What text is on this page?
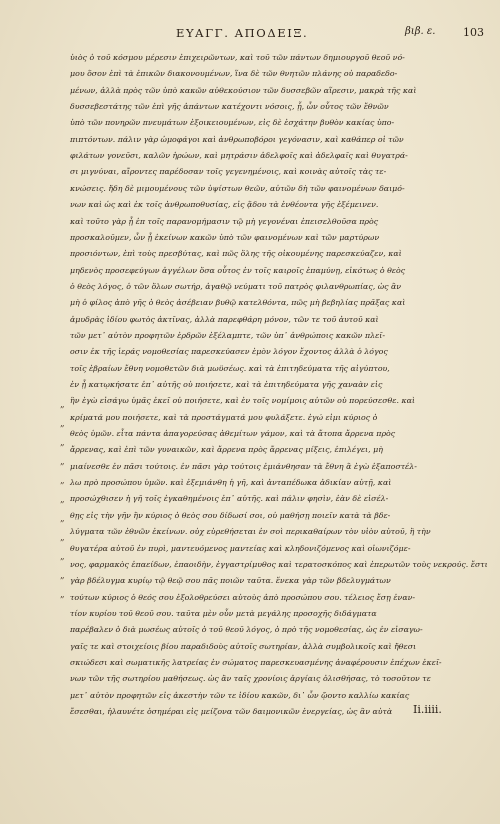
ΕΥΑΓΓ. ΑΠΟΔΕΙΞ.	βιβ. ε.	103
ὑιὸς ὁ τοῦ κόσμου μέρεσιν ἐπιχειρῶντων, καὶ τοῦ τῶν πάντων δημιουργοῦ θεοῦ νό-
μου ὅσον ἐπὶ τὰ ἐπικῶν διακονουμένων, ἵνα δὲ τῶν θνητῶν πλάνης οὐ παραδεδο-
μένων, ἀλλὰ πρὸς τῶν ὑπὸ κακῶν αὐθεκούσιον τῶν δυσσεβῶν αἵρεσιν, μακρὰ τῆς καὶ
δυσσεβεστάτης τῶν ἐπὶ γῆς ἀπάντων κατέχοντι νόσοις, ᾗ, ὧν οὗτος τῶν ἔθνῶν
ὑπὸ τῶν πονηρῶν πνευμάτων ἐξοικειουμένων, εἰς δὲ ἐσχάτην βυθὸν κακίας ὑπο-
πιπτόντων. πάλιν γὰρ ὠμοφάγοι καὶ ἀνθρωποβόροι γεγόνασιν, καὶ καθάπερ οἱ τῶν
φιλάτων γονεῦσι, καλῶν ἡρώων, καὶ μητράσιν ἀδελφοῖς καὶ ἀδελφαῖς καὶ θυγατρά-
σι μιγνύναι, αἴροντες παρέδοσαν τοῖς γεγενημένοις, καὶ κοινὰς αὐτοῖς τὰς τε-
κνώσεις. ἤδη δὲ μιμουμένους τῶν ὑψίστων θεῶν, αὐτῶν δὴ τῶν φαινομένων δαιμό-
νων καὶ ὡς καὶ ἐκ τοῖς ἀνθρωποθυσίας, εἰς ᾅδου τὰ ἐνθέοντα γῆς ἐξέμεινεν.
καὶ τοῦτο γὰρ ᾗ ἐπ τοῖς παρανομήμασιν τῷ μὴ γεγονέναι ἐπεισελθοῦσα πρὸς
προσκαλοῦμεν, ὧν ᾗ ἐκείνων κακῶν ὑπὸ τῶν φαινομένων καὶ τῶν μαρτύρων
προσιόντων, ἐπὶ τοὺς πρεσβύτας, καὶ πῶς ὅλης τῆς οἰκουμένης παρεσκεύαζεν, καὶ
μηδενὸς προσεφεύγων ἀγγέλων ὅσα οὗτος ἐν τοῖς καιροῖς ἐπαμύνῃ, εἰκότως ὁ θεὸς
ὁ θεὸς λόγος, ὁ τῶν ὅλων σωτήρ, ἀγαθῷ νεύματι τοῦ πατρὸς φιλανθρωπίας, ὡς ἂν
μὴ ὁ φίλος ἀπὸ γῆς ὁ θεὸς ἀσέβειαν βυθῷ κατελθόντα, πῶς μὴ βεβηλίας πρᾶξας καὶ
ἀμυδρὰς ἰδίου φωτὸς ἀκτῖνας, ἀλλὰ παρεφθάρη μόνον, τῶν τε τοῦ ἀυτοῦ καὶ
τῶν μετ᾽ αὐτὸν προφητῶν ἐρδρῶν ἐξέλαμπτε, τῶν ὑπ᾽ ἀνθρώποις κακῶν πλεῖ-
οσιν ἐκ τῆς ἱεράς νομοθεσίας παρεσκεύασεν ἐμὸν λόγον ἔχοντος ἀλλὰ ὁ λόγος
τοῖς ἑβραίων ἔθνη νομοθετῶν διὰ μωϋσέως. καὶ τὰ ἐπιτηδεύματα τῆς αἰγύπτου,
ἐν ᾗ κατῳκήσατε ἐπ᾽ αὐτῆς οὐ ποιήσετε, καὶ τὰ ἐπιτηδεύματα γῆς χαναὰν εἰς
ἣν ἐγὼ εἰσάγω ὑμᾶς ἐκεῖ οὐ ποιήσετε, καὶ ἐν τοῖς νομίμοις αὐτῶν οὐ πορεύσεσθε. καὶ
κρίματά μου ποιήσετε, καὶ τὰ προστάγματά μου φυλάξετε. ἐγώ εἰμι κύριος ὁ
θεὸς ὑμῶν. εἶτα πάντα ἀπαγορεύσας ἀθεμίτων γάμον, καὶ τὰ ἄτοπα ἄρρενα πρὸς
ἄρρενας, καὶ ἐπὶ τῶν γυναικῶν, καὶ ἄρρενα πρὸς ἄρρενας μίξεις, ἐπιλέγει, μὴ
μιαίνεσθε ἐν πᾶσι τούτοις. ἐν πᾶσι γὰρ τούτοις ἐμιάνθησαν τὰ ἔθνη ἃ ἐγὼ ἐξαποστέλ-
λω πρὸ προσώπου ὑμῶν. καὶ ἐξεμιάνθη ἡ γῆ, καὶ ἀνταπέδωκα ἀδικίαν αὐτῇ, καὶ
προσώχθισεν ἡ γῆ τοῖς ἐγκαθημένοις ἐπ᾽ αὐτῆς. καὶ πάλιν φησὶν, ἐὰν δὲ εἰσέλ-
θῃς εἰς τὴν γῆν ἣν κύριος ὁ θεὸς σου δίδωσί σοι, οὐ μαθήσῃ ποιεῖν κατὰ τὰ βδε-
λύγματα τῶν ἐθνῶν ἐκείνων. οὐχ εὑρεθήσεται ἐν σοὶ περικαθαίρων τὸν υἱὸν αὐτοῦ, ἢ τὴν
θυγατέρα αὐτοῦ ἐν πυρὶ, μαντευόμενος μαντείας καὶ κληδονιζόμενος καὶ οἰωνιζόμε-
νος, φαρμακὸς ἐπαείδων, ἐπαοιδὴν, ἐγγαστρίμυθος καὶ τερατοσκόπος καὶ ἐπερωτῶν τοὺς νεκρούς. ἔστι
γὰρ βδέλυγμα κυρίῳ τῷ θεῷ σου πᾶς ποιῶν ταῦτα. ἕνεκα γὰρ τῶν βδελυγμάτων
τούτων κύριος ὁ θεός σου ἐξολοθρεύσει αὐτοὺς ἀπὸ προσώπου σου. τέλειος ἔσῃ ἐναν-
τίον κυρίου τοῦ θεοῦ σου. ταῦτα μὲν οὖν μετὰ μεγάλης προσοχῆς διδάγματα
παρέβαλεν ὁ διὰ μωσέως αὐτοῖς ὁ τοῦ θεοῦ λόγος, ὁ πρὸ τῆς νομοθεσίας, ὡς ἐν εἰσαγω-
γαῖς τε καὶ στοιχείοις βίου παραδιδοὺς αὐτοῖς σωτηρίαν, ἀλλὰ συμβολικοῖς καὶ ἤθεσι
σκιώδεσι καὶ σωματικῆς λατρείας ἐν σώματος παρεσκευασμένης ἀναφέρουσιν ἐπέχων ἐκεῖ-
νων τῶν τῆς σωτηρίου μαθήσεως. ὡς ἂν ταῖς χρονίοις ἀργίαις ὀλισθήσας, τὸ τοσοῦτον τε
μετ᾽ αὐτὸν προφητῶν εἰς ἀκεστὴν τῶν τε ἰδίου κακῶν, δι᾽ ὧν ᾤοντο καλλίω κακίας
ἔσεσθαι, ἠλαυνέτε ὁσημέραι εἰς μείζονα τῶν δαιμονικῶν ἐνεργείας, ὡς ἂν αὐτὰ
„
„
„
„
„
„
„
„
„
„
„
Ii.iiii.
